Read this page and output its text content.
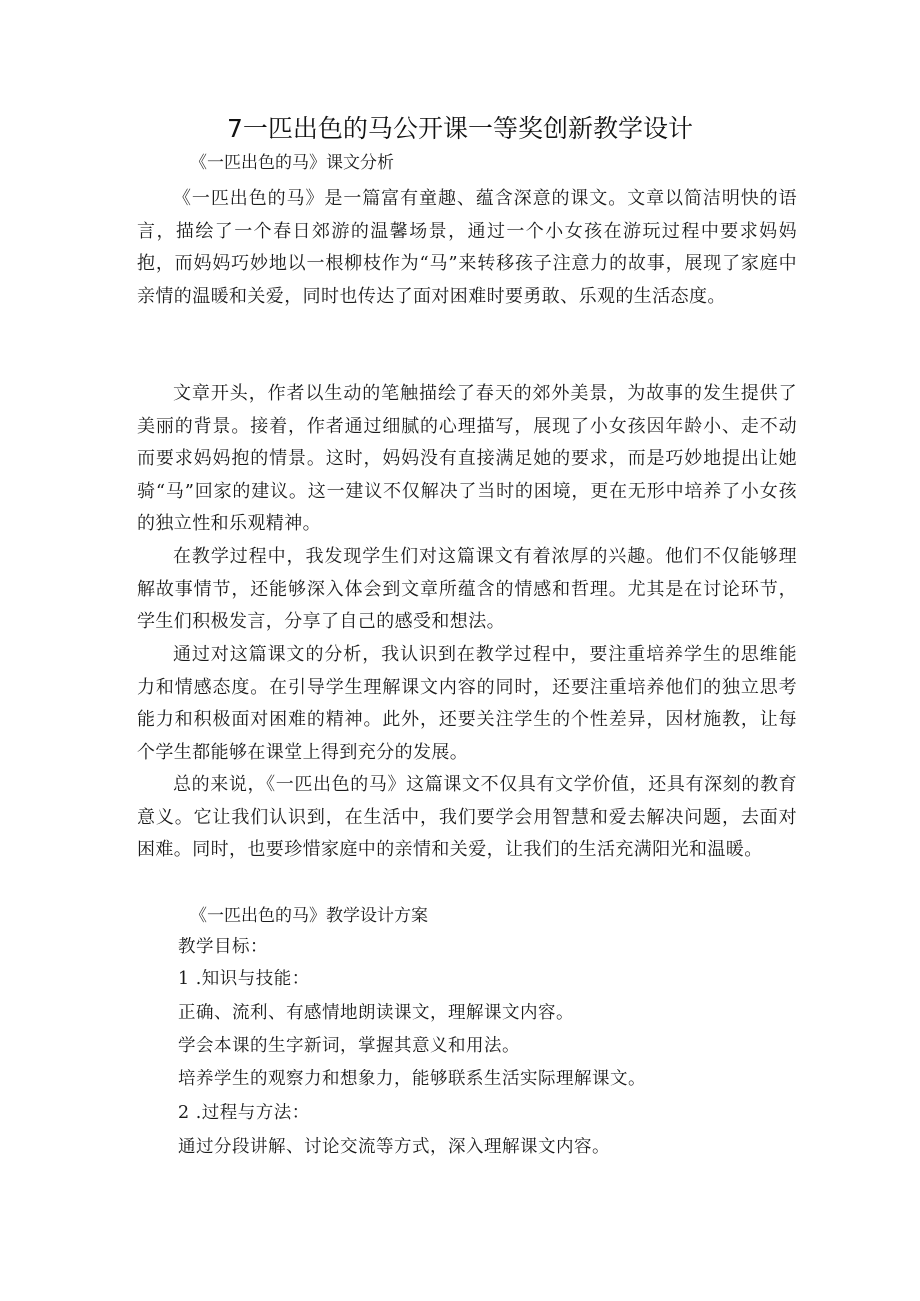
7一匹出色的马公开课一等奖创新教学设计
《一匹出色的马》课文分析

《一匹出色的马》是一篇富有童趣、蕴含深意的课文。文章以简洁明快的语言，描绘了一个春日郊游的温馨场景，通过一个小女孩在游玩过程中要求妈妈抱，而妈妈巧妙地以一根柳枝作为“马”来转移孩子注意力的故事，展现了家庭中亲情的温暖和关爱，同时也传达了面对困难时要勇敢、乐观的生活态度。

文章开头，作者以生动的笔触描绘了春天的郊外美景，为故事的发生提供了美丽的背景。接着，作者通过细腻的心理描写，展现了小女孩因年龄小、走不动而要求妈妈抱的情景。这时，妈妈没有直接满足她的要求，而是巧妙地提出让她骑“马”回家的建议。这一建议不仅解决了当时的困境，更在无形中培养了小女孩的独立性和乐观精神。

在教学过程中，我发现学生们对这篇课文有着浓厚的兴趣。他们不仅能够理解故事情节，还能够深入体会到文章所蕴含的情感和哲理。尤其是在讨论环节，学生们积极发言，分享了自己的感受和想法。

通过对这篇课文的分析，我认识到在教学过程中，要注重培养学生的思维能力和情感态度。在引导学生理解课文内容的同时，还要注重培养他们的独立思考能力和积极面对困难的精神。此外，还要关注学生的个性差异，因材施教，让每个学生都能够在课堂上得到充分的发展。

总的来说，《一匹出色的马》这篇课文不仅具有文学价值，还具有深刻的教育意义。它让我们认识到，在生活中，我们要学会用智慧和爱去解决问题，去面对困难。同时，也要珍惜家庭中的亲情和关爱，让我们的生活充满阳光和温暖。

《一匹出色的马》教学设计方案
教学目标：
1 .知识与技能：
正确、流利、有感情地朗读课文，理解课文内容。
学会本课的生字新词，掌握其意义和用法。
培养学生的观察力和想象力，能够联系生活实际理解课文。
2 .过程与方法：
通过分段讲解、讨论交流等方式，深入理解课文内容。
